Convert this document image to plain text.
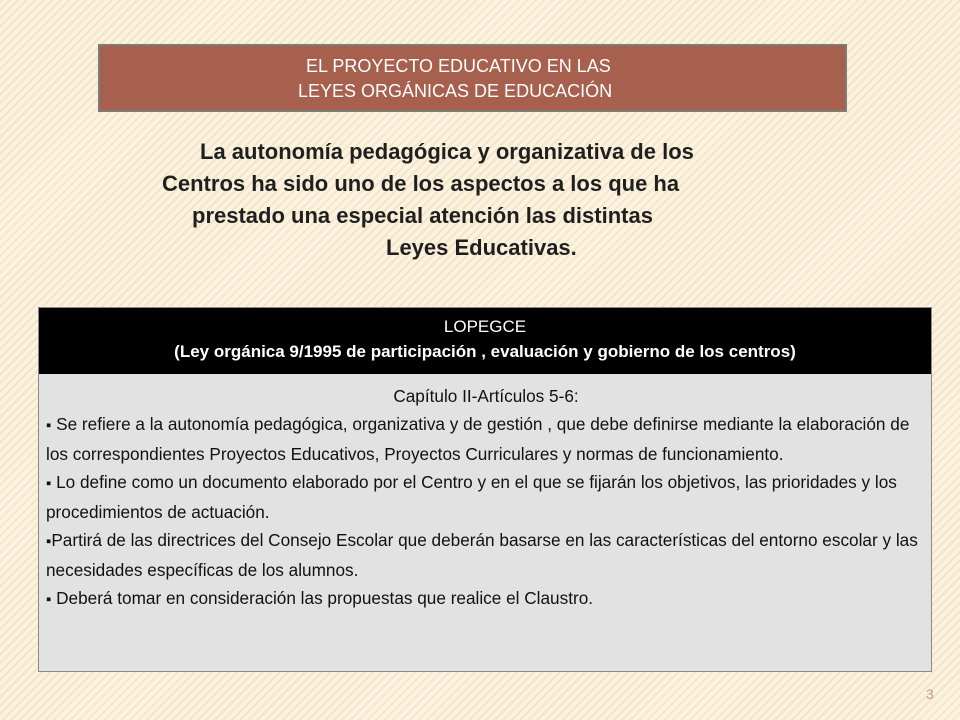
EL PROYECTO EDUCATIVO EN LAS
LEYES ORGÁNICAS DE EDUCACIÓN
La autonomía pedagógica y organizativa de los
Centros ha sido uno de los aspectos a los que ha
prestado una especial atención las distintas
Leyes Educativas.
LOPEGCE
(Ley orgánica 9/1995 de participación , evaluación y gobierno de los centros)
Capítulo II-Artículos 5-6:
▪ Se refiere a la autonomía pedagógica, organizativa y de gestión , que debe definirse mediante la elaboración de los correspondientes Proyectos Educativos, Proyectos Curriculares y normas de funcionamiento.
▪ Lo define como un documento elaborado por el Centro y en el que se fijarán los objetivos, las prioridades y los procedimientos de actuación.
▪Partirá de las directrices del Consejo Escolar que deberán basarse en las características del entorno escolar y las necesidades específicas de los alumnos.
▪ Deberá tomar en consideración las propuestas que realice el Claustro.
3
